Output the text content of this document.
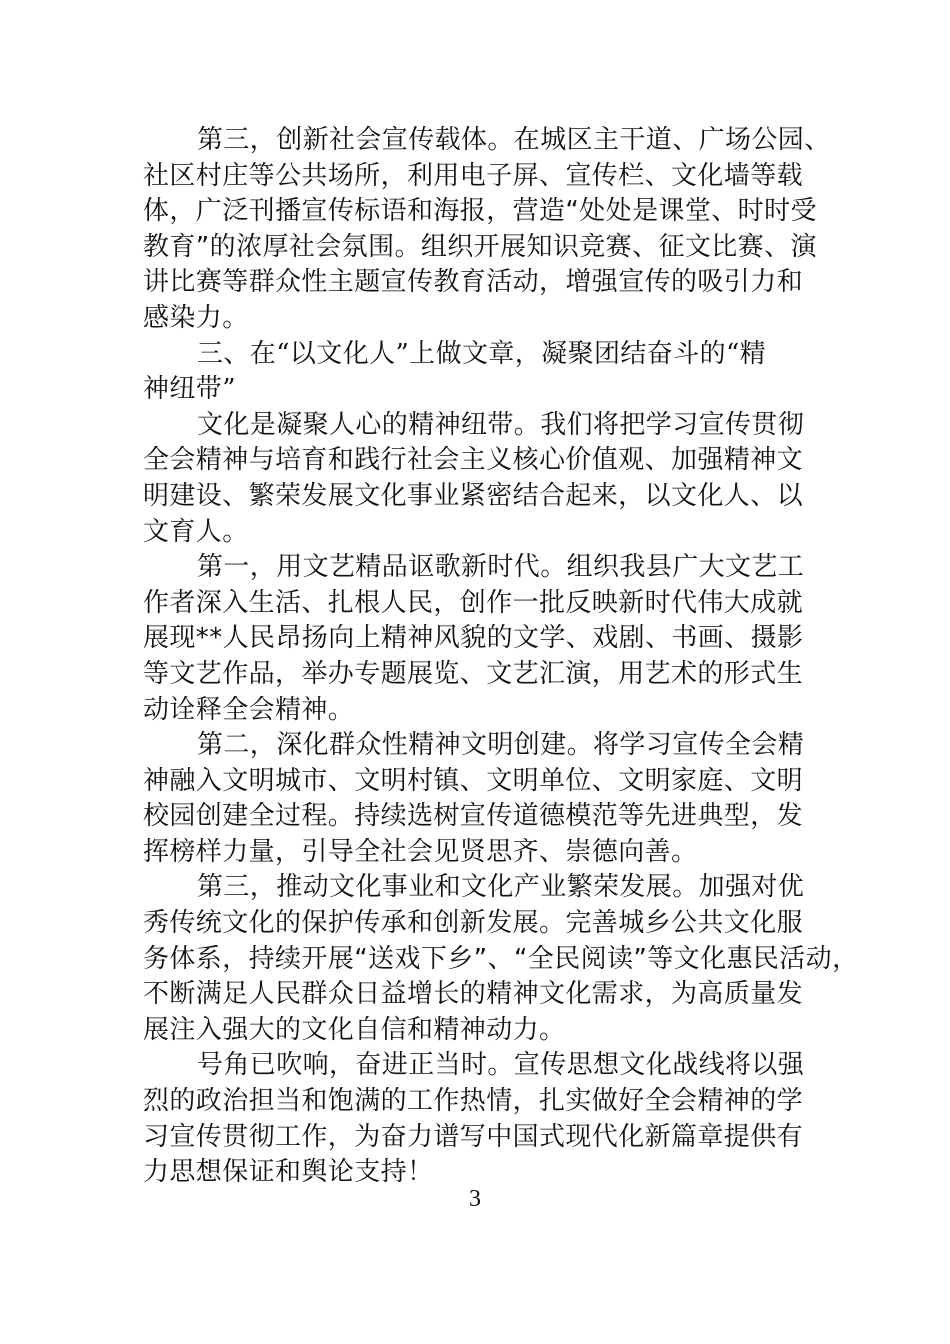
第三，创新社会宣传载体。在城区主干道、广场公园、
社区村庄等公共场所，利用电子屏、宣传栏、文化墙等载
体，广泛刊播宣传标语和海报，营造“处处是课堂、时时受
教育”的浓厚社会氛围。组织开展知识竞赛、征文比赛、演
讲比赛等群众性主题宣传教育活动，增强宣传的吸引力和
感染力。
三、在“以文化人”上做文章，凝聚团结奋斗的“精
神纽带”
文化是凝聚人心的精神纽带。我们将把学习宣传贯彻
全会精神与培育和践行社会主义核心价值观、加强精神文
明建设、繁荣发展文化事业紧密结合起来，以文化人、以
文育人。
第一，用文艺精品讴歌新时代。组织我县广大文艺工
作者深入生活、扎根人民，创作一批反映新时代伟大成就
展现**人民昂扬向上精神风貌的文学、戏剧、书画、摄影
等文艺作品，举办专题展览、文艺汇演，用艺术的形式生
动诠释全会精神。
第二，深化群众性精神文明创建。将学习宣传全会精
神融入文明城市、文明村镇、文明单位、文明家庭、文明
校园创建全过程。持续选树宣传道德模范等先进典型，发
挥榜样力量，引导全社会见贤思齐、崇德向善。
第三，推动文化事业和文化产业繁荣发展。加强对优
秀传统文化的保护传承和创新发展。完善城乡公共文化服
务体系，持续开展“送戏下乡”、“全民阅读”等文化惠民活动，
不断满足人民群众日益增长的精神文化需求，为高质量发
展注入强大的文化自信和精神动力。
号角已吹响，奋进正当时。宣传思想文化战线将以强
烈的政治担当和饱满的工作热情，扎实做好全会精神的学
习宣传贯彻工作，为奋力谱写中国式现代化新篇章提供有
力思想保证和舆论支持！
3
